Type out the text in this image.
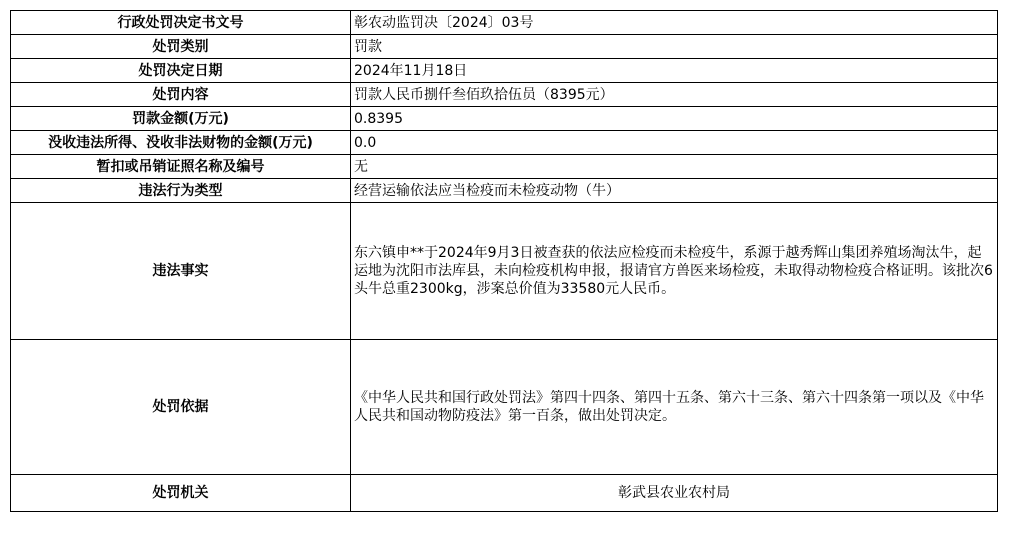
行政处罚决定书文号	彰农动监罚决〔2024〕03号
处罚类别	罚款
处罚决定日期	2024年11月18日
处罚内容	罚款人民币捌仟叁佰玖拾伍员（8395元）
罚款金额(万元)	0.8395
没收违法所得、没收非法财物的金额(万元)	0.0
暂扣或吊销证照名称及编号	无
违法行为类型	经营运输依法应当检疫而未检疫动物（牛）
违法事实	东六镇申**于2024年9月3日被查获的依法应检疫而未检疫牛，系源于越秀辉山集团养殖场淘汰牛，起运地为沈阳市法库县，未向检疫机构申报，报请官方兽医来场检疫，未取得动物检疫合格证明。该批次6头牛总重2300kg，涉案总价值为33580元人民币。
处罚依据	《中华人民共和国行政处罚法》第四十四条、第四十五条、第六十三条、第六十四条第一项以及《中华人民共和国动物防疫法》第一百条，做出处罚决定。
处罚机关	彰武县农业农村局
